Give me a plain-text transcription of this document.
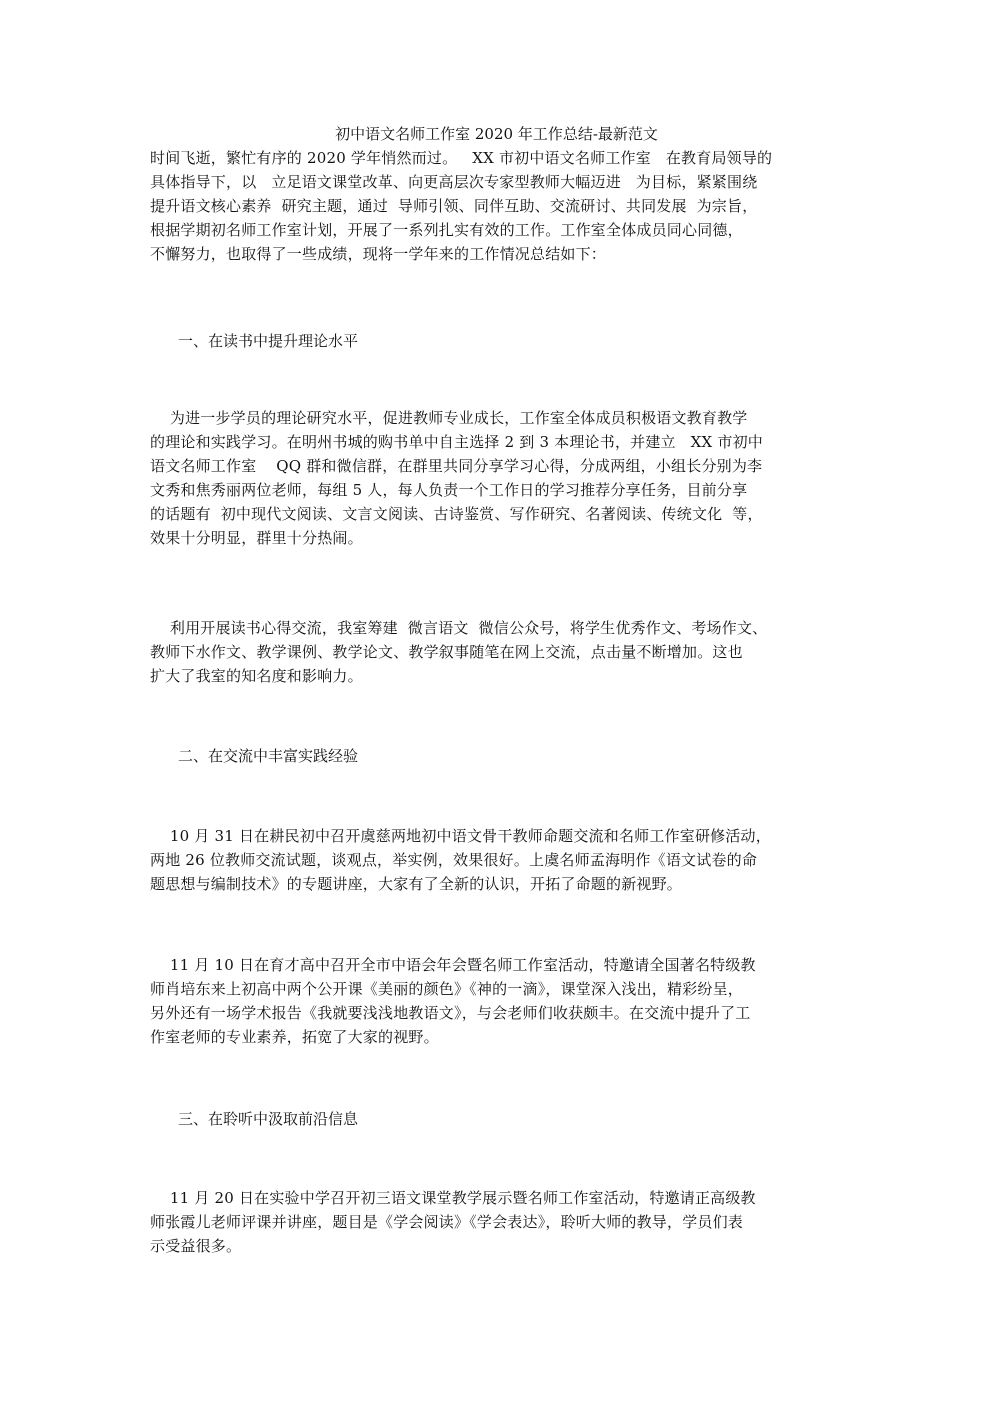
初中语文名师工作室 2020 年工作总结-最新范文
时间飞逝，繁忙有序的 2020 学年悄然而过。   XX 市初中语文名师工作室   在教育局领导的
具体指导下，以   立足语文课堂改革、向更高层次专家型教师大幅迈进   为目标，紧紧围绕
提升语文核心素养  研究主题，通过  导师引领、同伴互助、交流研讨、共同发展  为宗旨，
根据学期初名师工作室计划，开展了一系列扎实有效的工作。工作室全体成员同心同德，
不懈努力，也取得了一些成绩，现将一学年来的工作情况总结如下：
一、在读书中提升理论水平
为进一步学员的理论研究水平，促进教师专业成长，工作室全体成员积极语文教育教学
的理论和实践学习。在明州书城的购书单中自主选择 2 到 3 本理论书，并建立   XX 市初中
语文名师工作室    QQ 群和微信群，在群里共同分享学习心得，分成两组，小组长分别为李
文秀和焦秀丽两位老师，每组 5 人，每人负责一个工作日的学习推荐分享任务，目前分享
的话题有  初中现代文阅读、文言文阅读、古诗鉴赏、写作研究、名著阅读、传统文化  等，
效果十分明显，群里十分热闹。
利用开展读书心得交流，我室筹建  微言语文  微信公众号，将学生优秀作文、考场作文、
教师下水作文、教学课例、教学论文、教学叙事随笔在网上交流，点击量不断增加。这也
扩大了我室的知名度和影响力。
二、在交流中丰富实践经验
10 月 31 日在耕民初中召开虞慈两地初中语文骨干教师命题交流和名师工作室研修活动，
两地 26 位教师交流试题，谈观点，举实例，效果很好。上虞名师孟海明作《语文试卷的命
题思想与编制技术》的专题讲座，大家有了全新的认识，开拓了命题的新视野。
11 月 10 日在育才高中召开全市中语会年会暨名师工作室活动，特邀请全国著名特级教
师肖培东来上初高中两个公开课《美丽的颜色》《神的一滴》，课堂深入浅出，精彩纷呈，
另外还有一场学术报告《我就要浅浅地教语文》，与会老师们收获颇丰。在交流中提升了工
作室老师的专业素养，拓宽了大家的视野。
三、在聆听中汲取前沿信息
11 月 20 日在实验中学召开初三语文课堂教学展示暨名师工作室活动，特邀请正高级教
师张霞儿老师评课并讲座，题目是《学会阅读》《学会表达》，聆听大师的教导，学员们表
示受益很多。
